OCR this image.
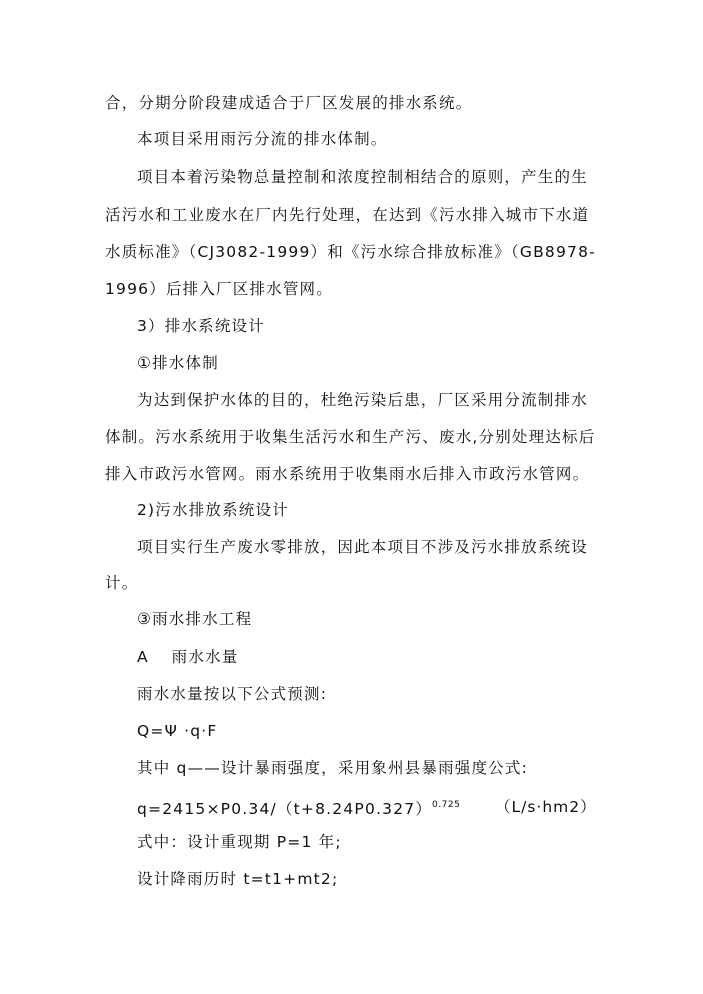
合，分期分阶段建成适合于厂区发展的排水系统。
本项目采用雨污分流的排水体制。
项目本着污染物总量控制和浓度控制相结合的原则，产生的生
活污水和工业废水在厂内先行处理，在达到《污水排入城市下水道
水质标准》（CJ3082-1999）和《污水综合排放标准》（GB8978-
1996）后排入厂区排水管网。
3）排水系统设计
①排水体制
为达到保护水体的目的，杜绝污染后患，厂区采用分流制排水
体制。污水系统用于收集生活污水和生产污、废水,分别处理达标后
排入市政污水管网。雨水系统用于收集雨水后排入市政污水管网。
2)污水排放系统设计
项目实行生产废水零排放，因此本项目不涉及污水排放系统设
计。
③雨水排水工程
A　 雨水水量
雨水水量按以下公式预测:
Q=Ψ ·q·F
其中 q——设计暴雨强度，采用象州县暴雨强度公式:
$q=2415\times P0.34/(t+8.24P0.327)^{0.725}$ （L/s·hm2）
式中：设计重现期 P=1 年;
设计降雨历时 t=t1+mt2;
